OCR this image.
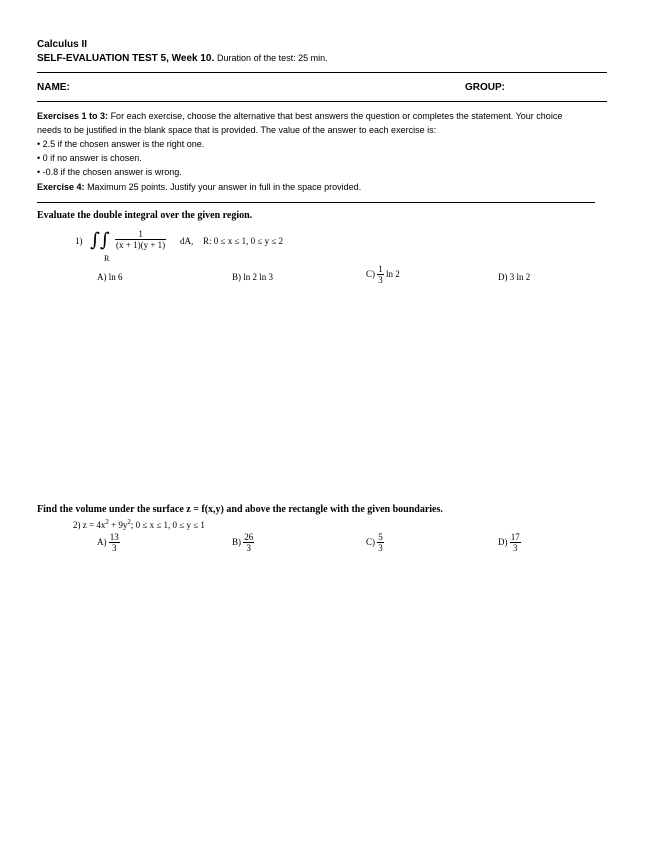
Calculus II
SELF-EVALUATION TEST 5, Week 10. Duration of the test: 25 min.
NAME:	GROUP:
Exercises 1 to 3: For each exercise, choose the alternative that best answers the question or completes the statement. Your choice
needs to be justified in the blank space that is provided. The value of the answer to each exercise is:
• 2.5 if the chosen answer is the right one.
• 0 if no answer is chosen.
• -0.8 if the chosen answer is wrong.
Exercise 4: Maximum 25 points. Justify your answer in full in the space provided.
Evaluate the double integral over the given region.
1) ∫∫
R
$\frac{1}{(x + 1)(y + 1)}$ dA, R: 0 ≤ x ≤ 1, 0 ≤ y ≤ 2
A) ln 6	B) ln 2 ln 3	$C) \frac{1}{3}$ ln 2	D) 3 ln 2
Find the volume under the surface z = f(x,y) and above the rectangle with the given boundaries.
2) $z = 4x^2 + 9y^2$; 0 ≤ x ≤ 1, 0 ≤ y ≤ 1
$A) \frac{13}{3}$	$B) \frac{26}{3}$	$C) \frac{5}{3}$	$D) \frac{17}{3}$
